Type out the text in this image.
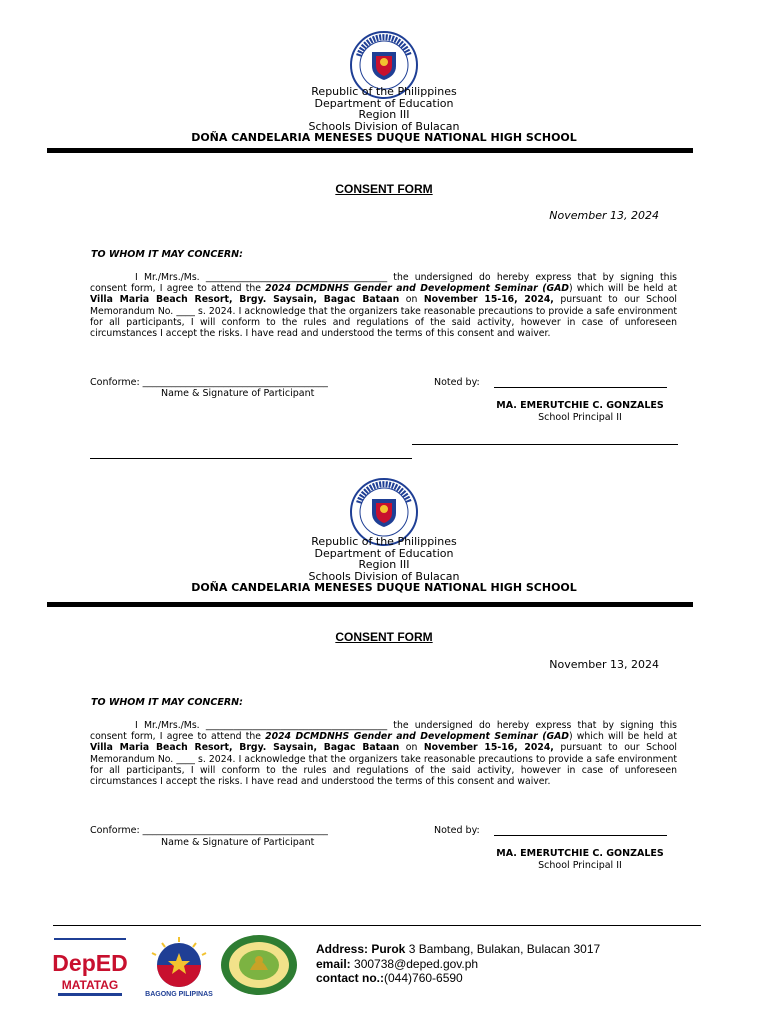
Republic of the Philippines
Department of Education
Region III
Schools Division of Bulacan
DOÑA CANDELARIA MENESES DUQUE NATIONAL HIGH SCHOOL
CONSENT FORM
November 13, 2024
TO WHOM IT MAY CONCERN:
I Mr./Mrs./Ms. _______________________________________ the undersigned do hereby express that by signing this consent form, I agree to attend the 2024 DCMDNHS Gender and Development Seminar (GAD) which will be held at Villa Maria Beach Resort, Brgy. Saysain, Bagac Bataan on November 15-16, 2024, pursuant to our School Memorandum No. ____ s. 2024. I acknowledge that the organizers take reasonable precautions to provide a safe environment for all participants, I will conform to the rules and regulations of the said activity, however in case of unforeseen circumstances I accept the risks. I have read and understood the terms of this consent and waiver.
Conforme: _______________________________________
Name & Signature of Participant
Noted by:
MA. EMERUTCHIE C. GONZALES
School Principal II
Republic of the Philippines
Department of Education
Region III
Schools Division of Bulacan
DOÑA CANDELARIA MENESES DUQUE NATIONAL HIGH SCHOOL
CONSENT FORM
November 13, 2024
TO WHOM IT MAY CONCERN:
I Mr./Mrs./Ms. _______________________________________ the undersigned do hereby express that by signing this consent form, I agree to attend the 2024 DCMDNHS Gender and Development Seminar (GAD) which will be held at Villa Maria Beach Resort, Brgy. Saysain, Bagac Bataan on November 15-16, 2024, pursuant to our School Memorandum No. ____ s. 2024. I acknowledge that the organizers take reasonable precautions to provide a safe environment for all participants, I will conform to the rules and regulations of the said activity, however in case of unforeseen circumstances I accept the risks. I have read and understood the terms of this consent and waiver.
Conforme: _______________________________________
Name & Signature of Participant
Noted by:
MA. EMERUTCHIE C. GONZALES
School Principal II
DepED
MATATAG
BAGONG PILIPINAS
Address: Purok 3 Bambang, Bulakan, Bulacan 3017
email: 300738@deped.gov.ph
contact no.:(044)760-6590
